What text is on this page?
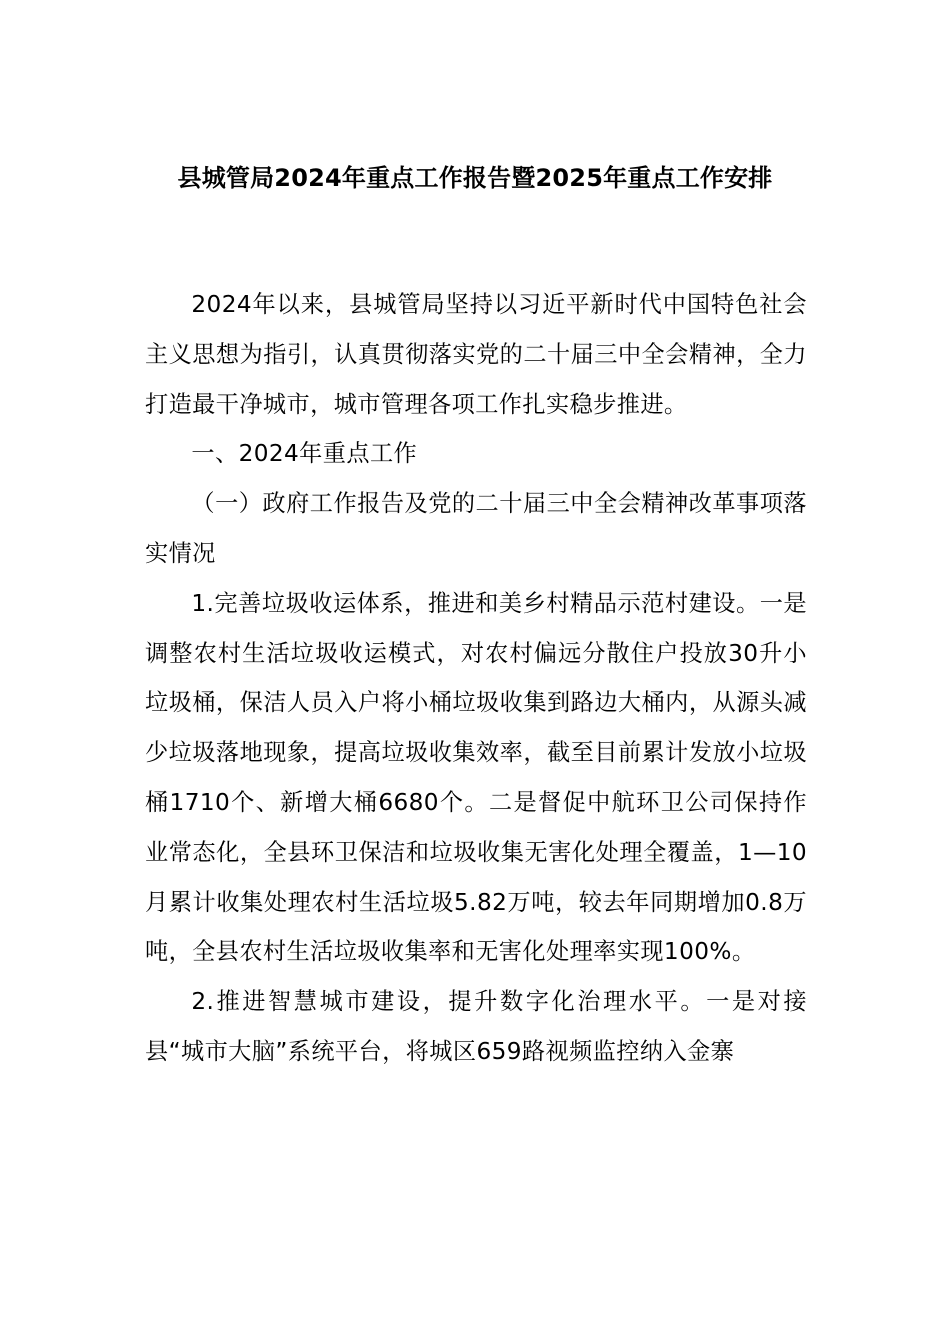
县城管局2024年重点工作报告暨2025年重点工作安排

2024年以来，县城管局坚持以习近平新时代中国特色社会主义思想为指引，认真贯彻落实党的二十届三中全会精神，全力打造最干净城市，城市管理各项工作扎实稳步推进。

一、2024年重点工作

（一）政府工作报告及党的二十届三中全会精神改革事项落实情况

1.完善垃圾收运体系，推进和美乡村精品示范村建设。一是调整农村生活垃圾收运模式，对农村偏远分散住户投放30升小垃圾桶，保洁人员入户将小桶垃圾收集到路边大桶内，从源头减少垃圾落地现象，提高垃圾收集效率，截至目前累计发放小垃圾桶1710个、新增大桶6680个。二是督促中航环卫公司保持作业常态化，全县环卫保洁和垃圾收集无害化处理全覆盖，1—10月累计收集处理农村生活垃圾5.82万吨，较去年同期增加0.8万吨，全县农村生活垃圾收集率和无害化处理率实现100%。

2.推进智慧城市建设，提升数字化治理水平。一是对接县“城市大脑”系统平台，将城区659路视频监控纳入金寨
